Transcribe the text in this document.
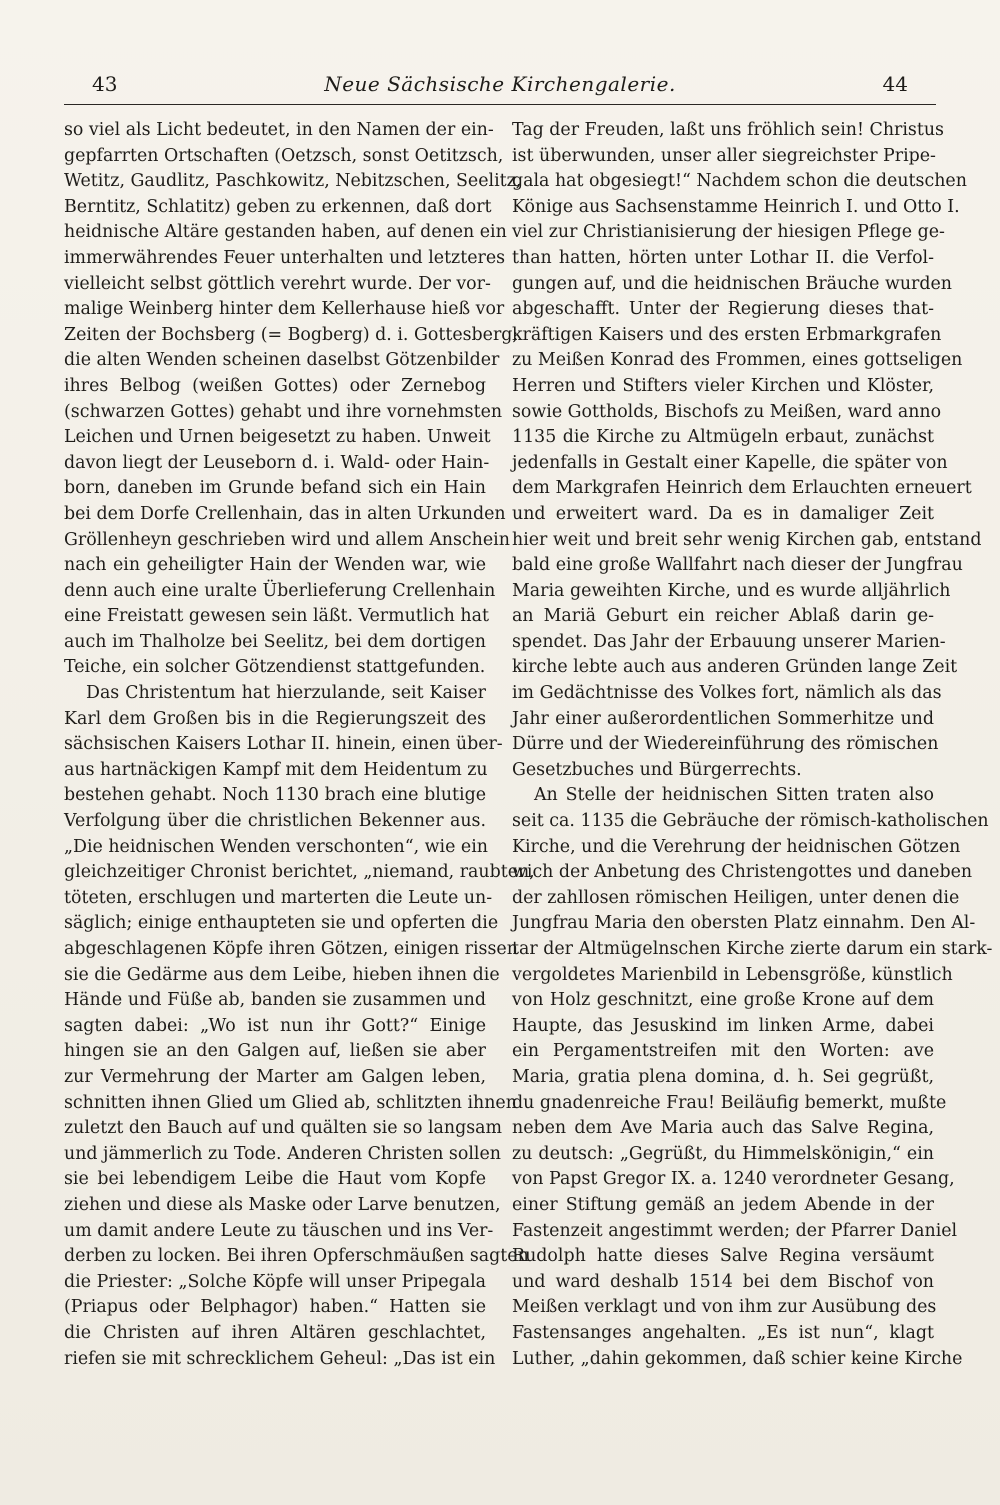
43	Neue Sächsische Kirchengalerie.	44
so viel als Licht bedeutet, in den Namen der ein-
gepfarrten Ortschaften (Oetzsch, sonst Oetitzsch,
Wetitz, Gaudlitz, Paschkowitz, Nebitzschen, Seelitz,
Berntitz, Schlatitz) geben zu erkennen, daß dort
heidnische Altäre gestanden haben, auf denen ein
immerwährendes Feuer unterhalten und letzteres
vielleicht selbst göttlich verehrt wurde. Der vor-
malige Weinberg hinter dem Kellerhause hieß vor
Zeiten der Bochsberg (= Bogberg) d. i. Gottesberg;
die alten Wenden scheinen daselbst Götzenbilder
ihres Belbog (weißen Gottes) oder Zernebog
(schwarzen Gottes) gehabt und ihre vornehmsten
Leichen und Urnen beigesetzt zu haben. Unweit
davon liegt der Leuseborn d. i. Wald- oder Hain-
born, daneben im Grunde befand sich ein Hain
bei dem Dorfe Crellenhain, das in alten Urkunden
Gröllenheyn geschrieben wird und allem Anschein
nach ein geheiligter Hain der Wenden war, wie
denn auch eine uralte Überlieferung Crellenhain
eine Freistatt gewesen sein läßt. Vermutlich hat
auch im Thalholze bei Seelitz, bei dem dortigen
Teiche, ein solcher Götzendienst stattgefunden.
Das Christentum hat hierzulande, seit Kaiser
Karl dem Großen bis in die Regierungszeit des
sächsischen Kaisers Lothar II. hinein, einen über-
aus hartnäckigen Kampf mit dem Heidentum zu
bestehen gehabt. Noch 1130 brach eine blutige
Verfolgung über die christlichen Bekenner aus.
„Die heidnischen Wenden verschonten“, wie ein
gleichzeitiger Chronist berichtet, „niemand, raubten,
töteten, erschlugen und marterten die Leute un-
säglich; einige enthaupteten sie und opferten die
abgeschlagenen Köpfe ihren Götzen, einigen rissen
sie die Gedärme aus dem Leibe, hieben ihnen die
Hände und Füße ab, banden sie zusammen und
sagten dabei: „Wo ist nun ihr Gott?“ Einige
hingen sie an den Galgen auf, ließen sie aber
zur Vermehrung der Marter am Galgen leben,
schnitten ihnen Glied um Glied ab, schlitzten ihnen
zuletzt den Bauch auf und quälten sie so langsam
und jämmerlich zu Tode. Anderen Christen sollen
sie bei lebendigem Leibe die Haut vom Kopfe
ziehen und diese als Maske oder Larve benutzen,
um damit andere Leute zu täuschen und ins Ver-
derben zu locken. Bei ihren Opferschmäußen sagten
die Priester: „Solche Köpfe will unser Pripegala
(Priapus oder Belphagor) haben.“ Hatten sie
die Christen auf ihren Altären geschlachtet,
riefen sie mit schrecklichem Geheul: „Das ist ein
Tag der Freuden, laßt uns fröhlich sein! Christus
ist überwunden, unser aller siegreichster Pripe-
gala hat obgesiegt!“ Nachdem schon die deutschen
Könige aus Sachsenstamme Heinrich I. und Otto I.
viel zur Christianisierung der hiesigen Pflege ge-
than hatten, hörten unter Lothar II. die Verfol-
gungen auf, und die heidnischen Bräuche wurden
abgeschafft. Unter der Regierung dieses that-
kräftigen Kaisers und des ersten Erbmarkgrafen
zu Meißen Konrad des Frommen, eines gottseligen
Herren und Stifters vieler Kirchen und Klöster,
sowie Gottholds, Bischofs zu Meißen, ward anno
1135 die Kirche zu Altmügeln erbaut, zunächst
jedenfalls in Gestalt einer Kapelle, die später von
dem Markgrafen Heinrich dem Erlauchten erneuert
und erweitert ward. Da es in damaliger Zeit
hier weit und breit sehr wenig Kirchen gab, entstand
bald eine große Wallfahrt nach dieser der Jungfrau
Maria geweihten Kirche, und es wurde alljährlich
an Mariä Geburt ein reicher Ablaß darin ge-
spendet. Das Jahr der Erbauung unserer Marien-
kirche lebte auch aus anderen Gründen lange Zeit
im Gedächtnisse des Volkes fort, nämlich als das
Jahr einer außerordentlichen Sommerhitze und
Dürre und der Wiedereinführung des römischen
Gesetzbuches und Bürgerrechts.
An Stelle der heidnischen Sitten traten also
seit ca. 1135 die Gebräuche der römisch-katholischen
Kirche, und die Verehrung der heidnischen Götzen
wich der Anbetung des Christengottes und daneben
der zahllosen römischen Heiligen, unter denen die
Jungfrau Maria den obersten Platz einnahm. Den Al-
tar der Altmügelnschen Kirche zierte darum ein stark-
vergoldetes Marienbild in Lebensgröße, künstlich
von Holz geschnitzt, eine große Krone auf dem
Haupte, das Jesuskind im linken Arme, dabei
ein Pergamentstreifen mit den Worten: ave
Maria, gratia plena domina, d. h. Sei gegrüßt,
du gnadenreiche Frau! Beiläufig bemerkt, mußte
neben dem Ave Maria auch das Salve Regina,
zu deutsch: „Gegrüßt, du Himmelskönigin,“ ein
von Papst Gregor IX. a. 1240 verordneter Gesang,
einer Stiftung gemäß an jedem Abende in der
Fastenzeit angestimmt werden; der Pfarrer Daniel
Rudolph hatte dieses Salve Regina versäumt
und ward deshalb 1514 bei dem Bischof von
Meißen verklagt und von ihm zur Ausübung des
Fastensanges angehalten. „Es ist nun“, klagt
Luther, „dahin gekommen, daß schier keine Kirche
